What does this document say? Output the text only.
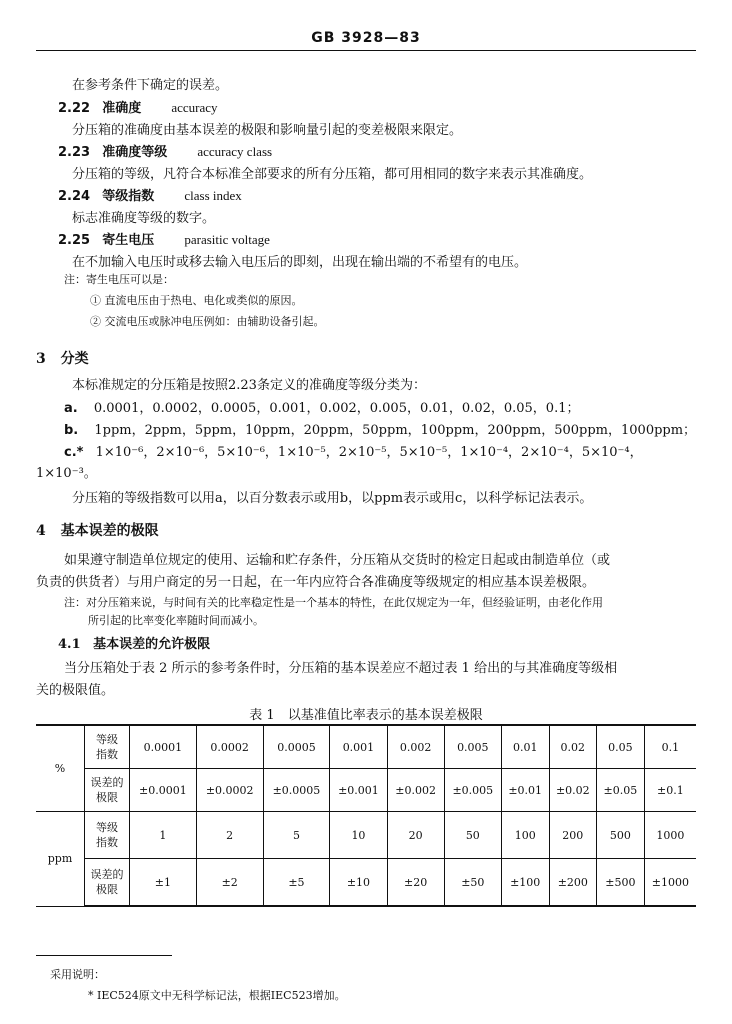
GB 3928—83
在参考条件下确定的误差。
2.22 准确度 accuracy
分压箱的准确度由基本误差的极限和影响量引起的变差极限来限定。
2.23 准确度等级 accuracy class
分压箱的等级，凡符合本标准全部要求的所有分压箱，都可用相同的数字来表示其准确度。
2.24 等级指数 class index
标志准确度等级的数字。
2.25 寄生电压 parasitic voltage
在不加输入电压时或移去输入电压后的即刻，出现在输出端的不希望有的电压。
注：寄生电压可以是：
① 直流电压由于热电、电化或类似的原因。
② 交流电压或脉冲电压例如：由辅助设备引起。
3 分类
本标准规定的分压箱是按照2.23条定义的准确度等级分类为：
a. 0.0001，0.0002，0.0005，0.001，0.002，0.005，0.01，0.02，0.05，0.1；
b. 1ppm，2ppm，5ppm，10ppm，20ppm，50ppm，100ppm，200ppm，500ppm，1000ppm；
c.* 1×10⁻⁶，2×10⁻⁶，5×10⁻⁶，1×10⁻⁵，2×10⁻⁵，5×10⁻⁵，1×10⁻⁴，2×10⁻⁴，5×10⁻⁴，
1×10⁻³。
分压箱的等级指数可以用a，以百分数表示或用b，以ppm表示或用c，以科学标记法表示。
4 基本误差的极限
如果遵守制造单位规定的使用、运输和贮存条件，分压箱从交货时的检定日起或由制造单位（或
负责的供货者）与用户商定的另一日起，在一年内应符合各准确度等级规定的相应基本误差极限。
注：对分压箱来说，与时间有关的比率稳定性是一个基本的特性，在此仅规定为一年，但经验证明，由老化作用
所引起的比率变化率随时间而减小。
4.1 基本误差的允许极限
当分压箱处于表 2 所示的参考条件时，分压箱的基本误差应不超过表 1 给出的与其准确度等级相
关的极限值。
表 1　以基准值比率表示的基本误差极限
%	等级
指数	0.0001	0.0002	0.0005	0.001	0.002	0.005	0.01	0.02	0.05	0.1
	误差的
极限	±0.0001	±0.0002	±0.0005	±0.001	±0.002	±0.005	±0.01	±0.02	±0.05	±0.1
ppm	等级
指数	1	2	5	10	20	50	100	200	500	1000
	误差的
极限	±1	±2	±5	±10	±20	±50	±100	±200	±500	±1000
采用说明：
* IEC524原文中无科学标记法，根据IEC523增加。
